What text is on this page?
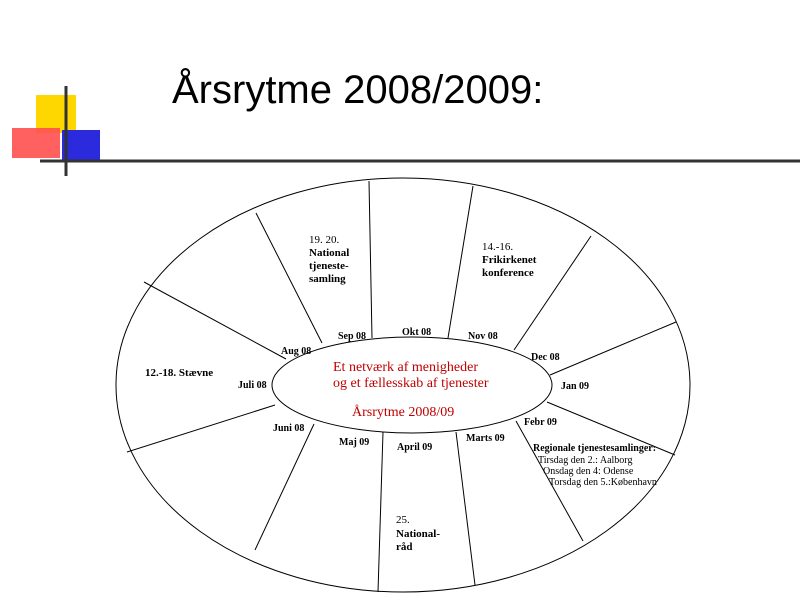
Årsrytme 2008/2009:
Aug 08
Sep 08	Okt 08	Nov 08
Dec 08
Jan 09
Febr 09
Marts 09
April 09
Maj 09
Juni 08
Juli 08
Et netværk af menigheder
og et fællesskab af tjenester
Årsrytme 2008/09
19. 20.
National
tjeneste-
samling
14.-16.
Frikirkenet
konference
12.-18. Stævne
25.
National-
råd
Regionale tjenestesamlinger:
Tirsdag den 2.: Aalborg
Onsdag den 4: Odense
Torsdag den 5.:København
